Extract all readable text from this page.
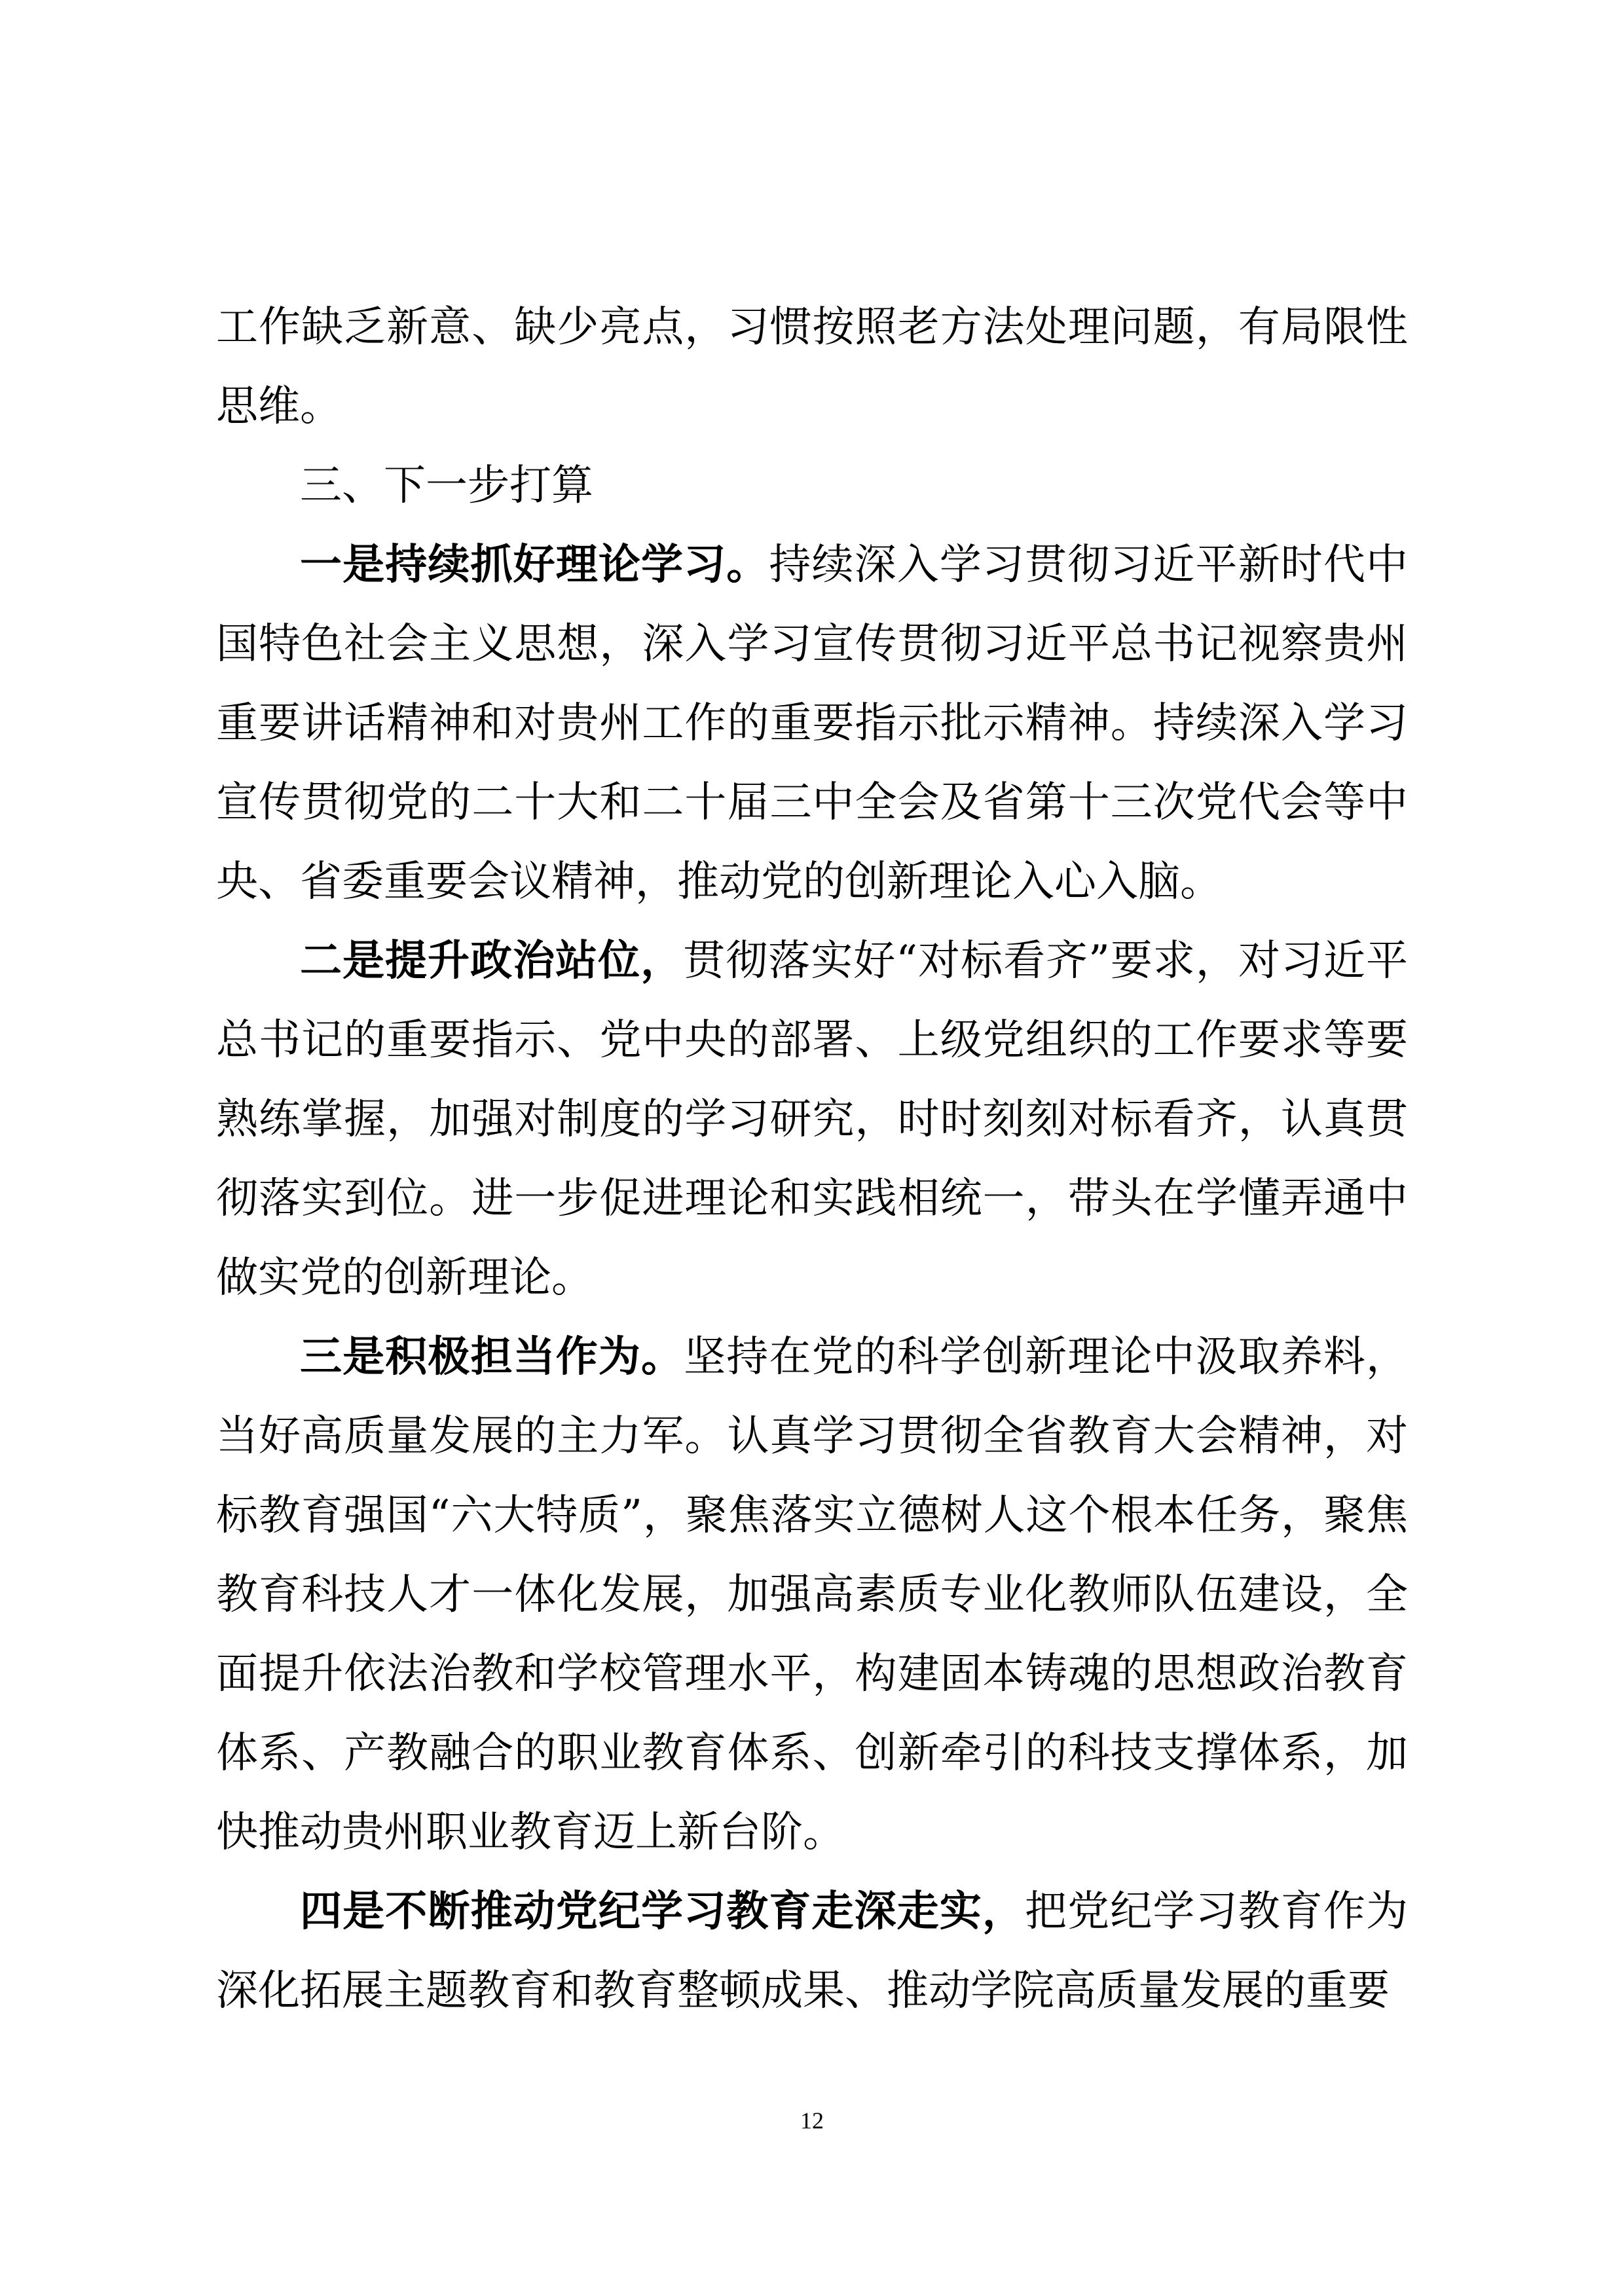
工作缺乏新意、缺少亮点，习惯按照老方法处理问题，有局限性思维。

三、下一步打算

一是持续抓好理论学习。持续深入学习贯彻习近平新时代中国特色社会主义思想，深入学习宣传贯彻习近平总书记视察贵州重要讲话精神和对贵州工作的重要指示批示精神。持续深入学习宣传贯彻党的二十大和二十届三中全会及省第十三次党代会等中央、省委重要会议精神，推动党的创新理论入心入脑。

二是提升政治站位，贯彻落实好“对标看齐”要求，对习近平总书记的重要指示、党中央的部署、上级党组织的工作要求等要熟练掌握，加强对制度的学习研究，时时刻刻对标看齐，认真贯彻落实到位。进一步促进理论和实践相统一，带头在学懂弄通中做实党的创新理论。

三是积极担当作为。坚持在党的科学创新理论中汲取养料，当好高质量发展的主力军。认真学习贯彻全省教育大会精神，对标教育强国“六大特质”，聚焦落实立德树人这个根本任务，聚焦教育科技人才一体化发展，加强高素质专业化教师队伍建设，全面提升依法治教和学校管理水平，构建固本铸魂的思想政治教育体系、产教融合的职业教育体系、创新牵引的科技支撑体系，加快推动贵州职业教育迈上新台阶。

四是不断推动党纪学习教育走深走实，把党纪学习教育作为深化拓展主题教育和教育整顿成果、推动学院高质量发展的重要

12
